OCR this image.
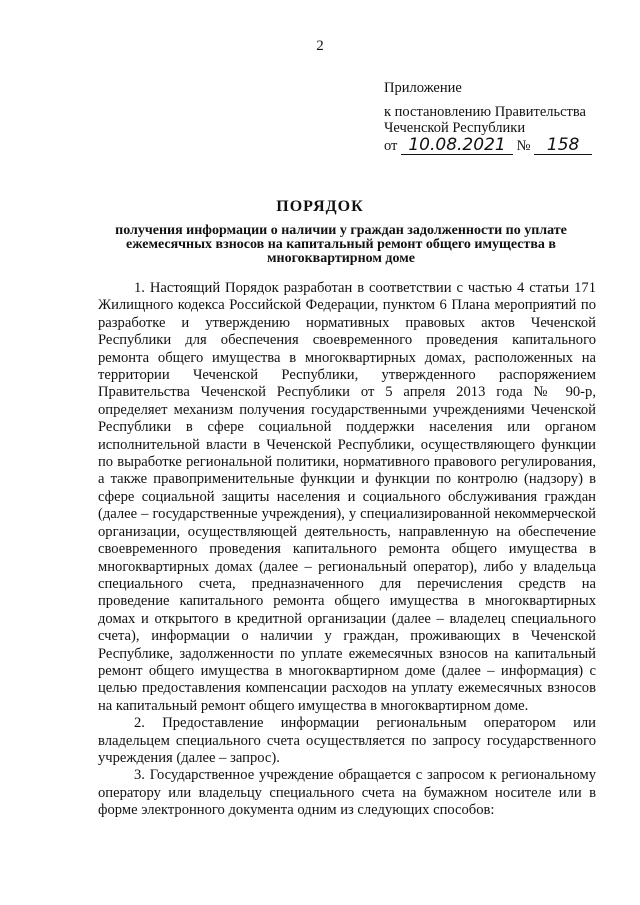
2
Приложение
к постановлению Правительства
Чеченской Республики
от 10.08.2021 № 158
ПОРЯДОК
получения информации о наличии у граждан задолженности по уплате ежемесячных взносов на капитальный ремонт общего имущества в многоквартирном доме

1. Настоящий Порядок разработан в соответствии с частью 4 статьи 171 Жилищного кодекса Российской Федерации, пунктом 6 Плана мероприятий по разработке и утверждению нормативных правовых актов Чеченской Республики для обеспечения своевременного проведения капитального ремонта общего имущества в многоквартирных домах, расположенных на территории Чеченской Республики, утвержденного распоряжением Правительства Чеченской Республики от 5 апреля 2013 года № 90-р, определяет механизм получения государственными учреждениями Чеченской Республики в сфере социальной поддержки населения или органом исполнительной власти в Чеченской Республики, осуществляющего функции по выработке региональной политики, нормативного правового регулирования, а также правоприменительные функции и функции по контролю (надзору) в сфере социальной защиты населения и социального обслуживания граждан (далее – государственные учреждения), у специализированной некоммерческой организации, осуществляющей деятельность, направленную на обеспечение своевременного проведения капитального ремонта общего имущества в многоквартирных домах (далее – региональный оператор), либо у владельца специального счета, предназначенного для перечисления средств на проведение капитального ремонта общего имущества в многоквартирных домах и открытого в кредитной организации (далее – владелец специального счета), информации о наличии у граждан, проживающих в Чеченской Республике, задолженности по уплате ежемесячных взносов на капитальный ремонт общего имущества в многоквартирном доме (далее – информация) с целью предоставления компенсации расходов на уплату ежемесячных взносов на капитальный ремонт общего имущества в многоквартирном доме.

2. Предоставление информации региональным оператором или владельцем специального счета осуществляется по запросу государственного учреждения (далее – запрос).

3. Государственное учреждение обращается с запросом к региональному оператору или владельцу специального счета на бумажном носителе или в форме электронного документа одним из следующих способов:
